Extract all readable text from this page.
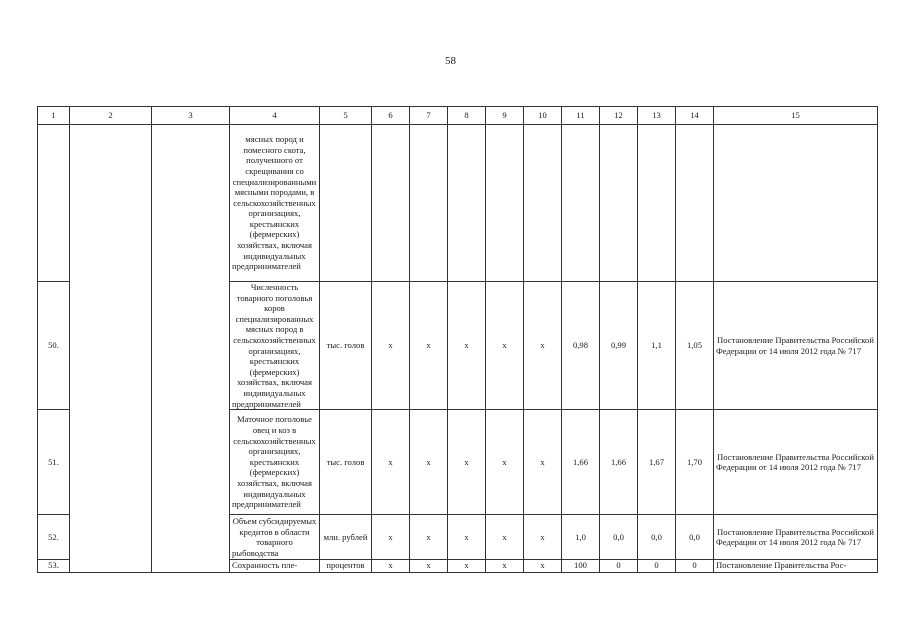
58
1	2	3	4	5	6	7	8	9	10	11	12	13	14	15
			мясных пород и помесного скота, полученного от скрещивания со специализированными мясными породами, в сельскохозяйственных организациях, крестьянских (фермерских) хозяйствах, включая индивидуальных предпринимателей											
50.			Численность товарного поголовья коров специализированных мясных пород в сельскохозяйственных организациях, крестьянских (фермерских) хозяйствах, включая индивидуальных предпринимателей	тыс. голов	х	х	х	х	х	0,98	0,99	1,1	1,05	Постановление Правительства Российской Федерации от 14 июля 2012 года № 717
51.			Маточное поголовье овец и коз в сельскохозяйственных организациях, крестьянских (фермерских) хозяйствах, включая индивидуальных предпринимателей	тыс. голов	х	х	х	х	х	1,66	1,66	1,67	1,70	Постановление Правительства Российской Федерации от 14 июля 2012 года № 717
52.			Объем субсидируемых кредитов в области товарного рыбоводства	млн. рублей	х	х	х	х	х	1,0	0,0	0,0	0,0	Постановление Правительства Российской Федерации от 14 июля 2012 года № 717
53.			Сохранность пле-	процентов	х	х	х	х	х	100	0	0	0	Постановление Правительства Рос-
